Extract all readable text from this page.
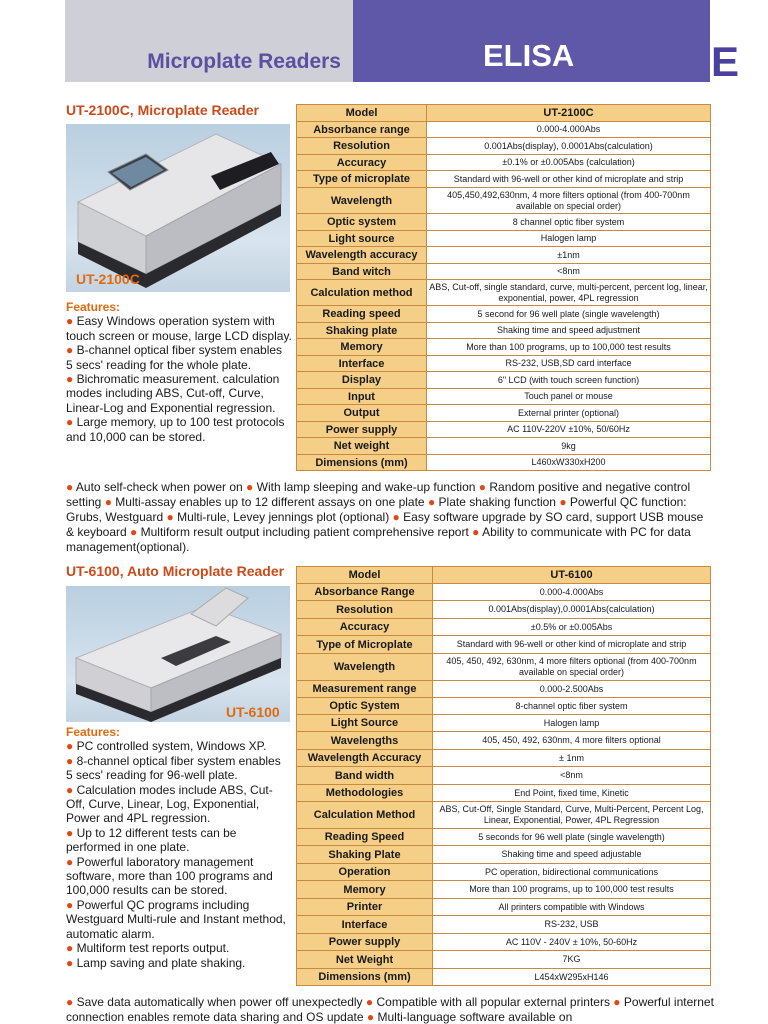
Microplate Readers	ELISA	E
UT-2100C, Microplate Reader
UT-2100C
Features:

● Easy Windows operation system with touch screen or mouse, large LCD display.

● B-channel optical fiber system enables 5 secs' reading for the whole plate.

● Bichromatic measurement. calculation modes including ABS, Cut-off, Curve, Linear-Log and Exponential regression.

● Large memory, up to 100 test protocols and 10,000 can be stored.

● Auto self-check when power on ● With lamp sleeping and wake-up function ● Random positive and negative control setting ● Multi-assay enables up to 12 different assays on one plate ● Plate shaking function ● Powerful QC function: Grubs, Westguard ● Multi-rule, Levey jennings plot (optional) ● Easy software upgrade by SO card, support USB mouse & keyboard ● Multiform result output including patient comprehensive report ● Ability to communicate with PC for data management(optional).
Model	UT-2100C
Absorbance range	0.000-4.000Abs
Resolution	0.001Abs(display), 0.0001Abs(calculation)
Accuracy	±0.1% or ±0.005Abs (calculation)
Type of microplate	Standard with 96-well or other kind of microplate and strip
Wavelength	405,450,492,630nm, 4 more filters optional (from 400-700nm available on special order)
Optic system	8 channel optic fiber system
Light source	Halogen lamp
Wavelength accuracy	±1nm
Band witch	<8nm
Calculation method	ABS, Cut-off, single standard, curve, multi-percent, percent log, linear, exponential, power, 4PL regression
Reading speed	5 second for 96 well plate (single wavelength)
Shaking plate	Shaking time and speed adjustment
Memory	More than 100 programs, up to 100,000 test results
Interface	RS-232, USB,SD card interface
Display	6" LCD (with touch screen function)
Input	Touch panel or mouse
Output	External printer (optional)
Power supply	AC 110V-220V ±10%, 50/60Hz
Net weight	9kg
Dimensions (mm)	L460xW330xH200
UT-6100, Auto Microplate Reader
UT-6100
Features:

● PC controlled system, Windows XP.

● 8-channel optical fiber system enables 5 secs' reading for 96-well plate.

● Calculation modes include ABS, Cut-Off, Curve, Linear, Log, Exponential, Power and 4PL regression.

● Up to 12 different tests can be performed in one plate.

● Powerful laboratory management software, more than 100 programs and 100,000 results can be stored.

● Powerful QC programs including Westguard Multi-rule and Instant method, automatic alarm.

● Multiform test reports output.

● Lamp saving and plate shaking.

● Save data automatically when power off unexpectedly ● Compatible with all popular external printers ● Powerful internet connection enables remote data sharing and OS update ● Multi-language software available on
Model	UT-6100
Absorbance Range	0.000-4.000Abs
Resolution	0.001Abs(display),0.0001Abs(calculation)
Accuracy	±0.5% or ±0.005Abs
Type of Microplate	Standard with 96-well or other kind of microplate and strip
Wavelength	405, 450, 492, 630nm, 4 more filters optional (from 400-700nm available on special order)
Measurement range	0.000-2.500Abs
Optic System	8-channel optic fiber system
Light Source	Halogen lamp
Wavelengths	405, 450, 492, 630nm, 4 more filters optional
Wavelength Accuracy	± 1nm
Band width	<8nm
Methodologies	End Point, fixed time, Kinetic
Calculation Method	ABS, Cut-Off, Single Standard, Curve, Multi-Percent, Percent Log, Linear, Exponential, Power, 4PL Regression
Reading Speed	5 seconds for 96 well plate (single wavelength)
Shaking Plate	Shaking time and speed adjustable
Operation	PC operation, bidirectional communications
Memory	More than 100 programs, up to 100,000 test results
Printer	All printers compatible with Windows
Interface	RS-232, USB
Power supply	AC 110V - 240V ± 10%, 50-60Hz
Net Weight	7KG
Dimensions (mm)	L454xW295xH146
